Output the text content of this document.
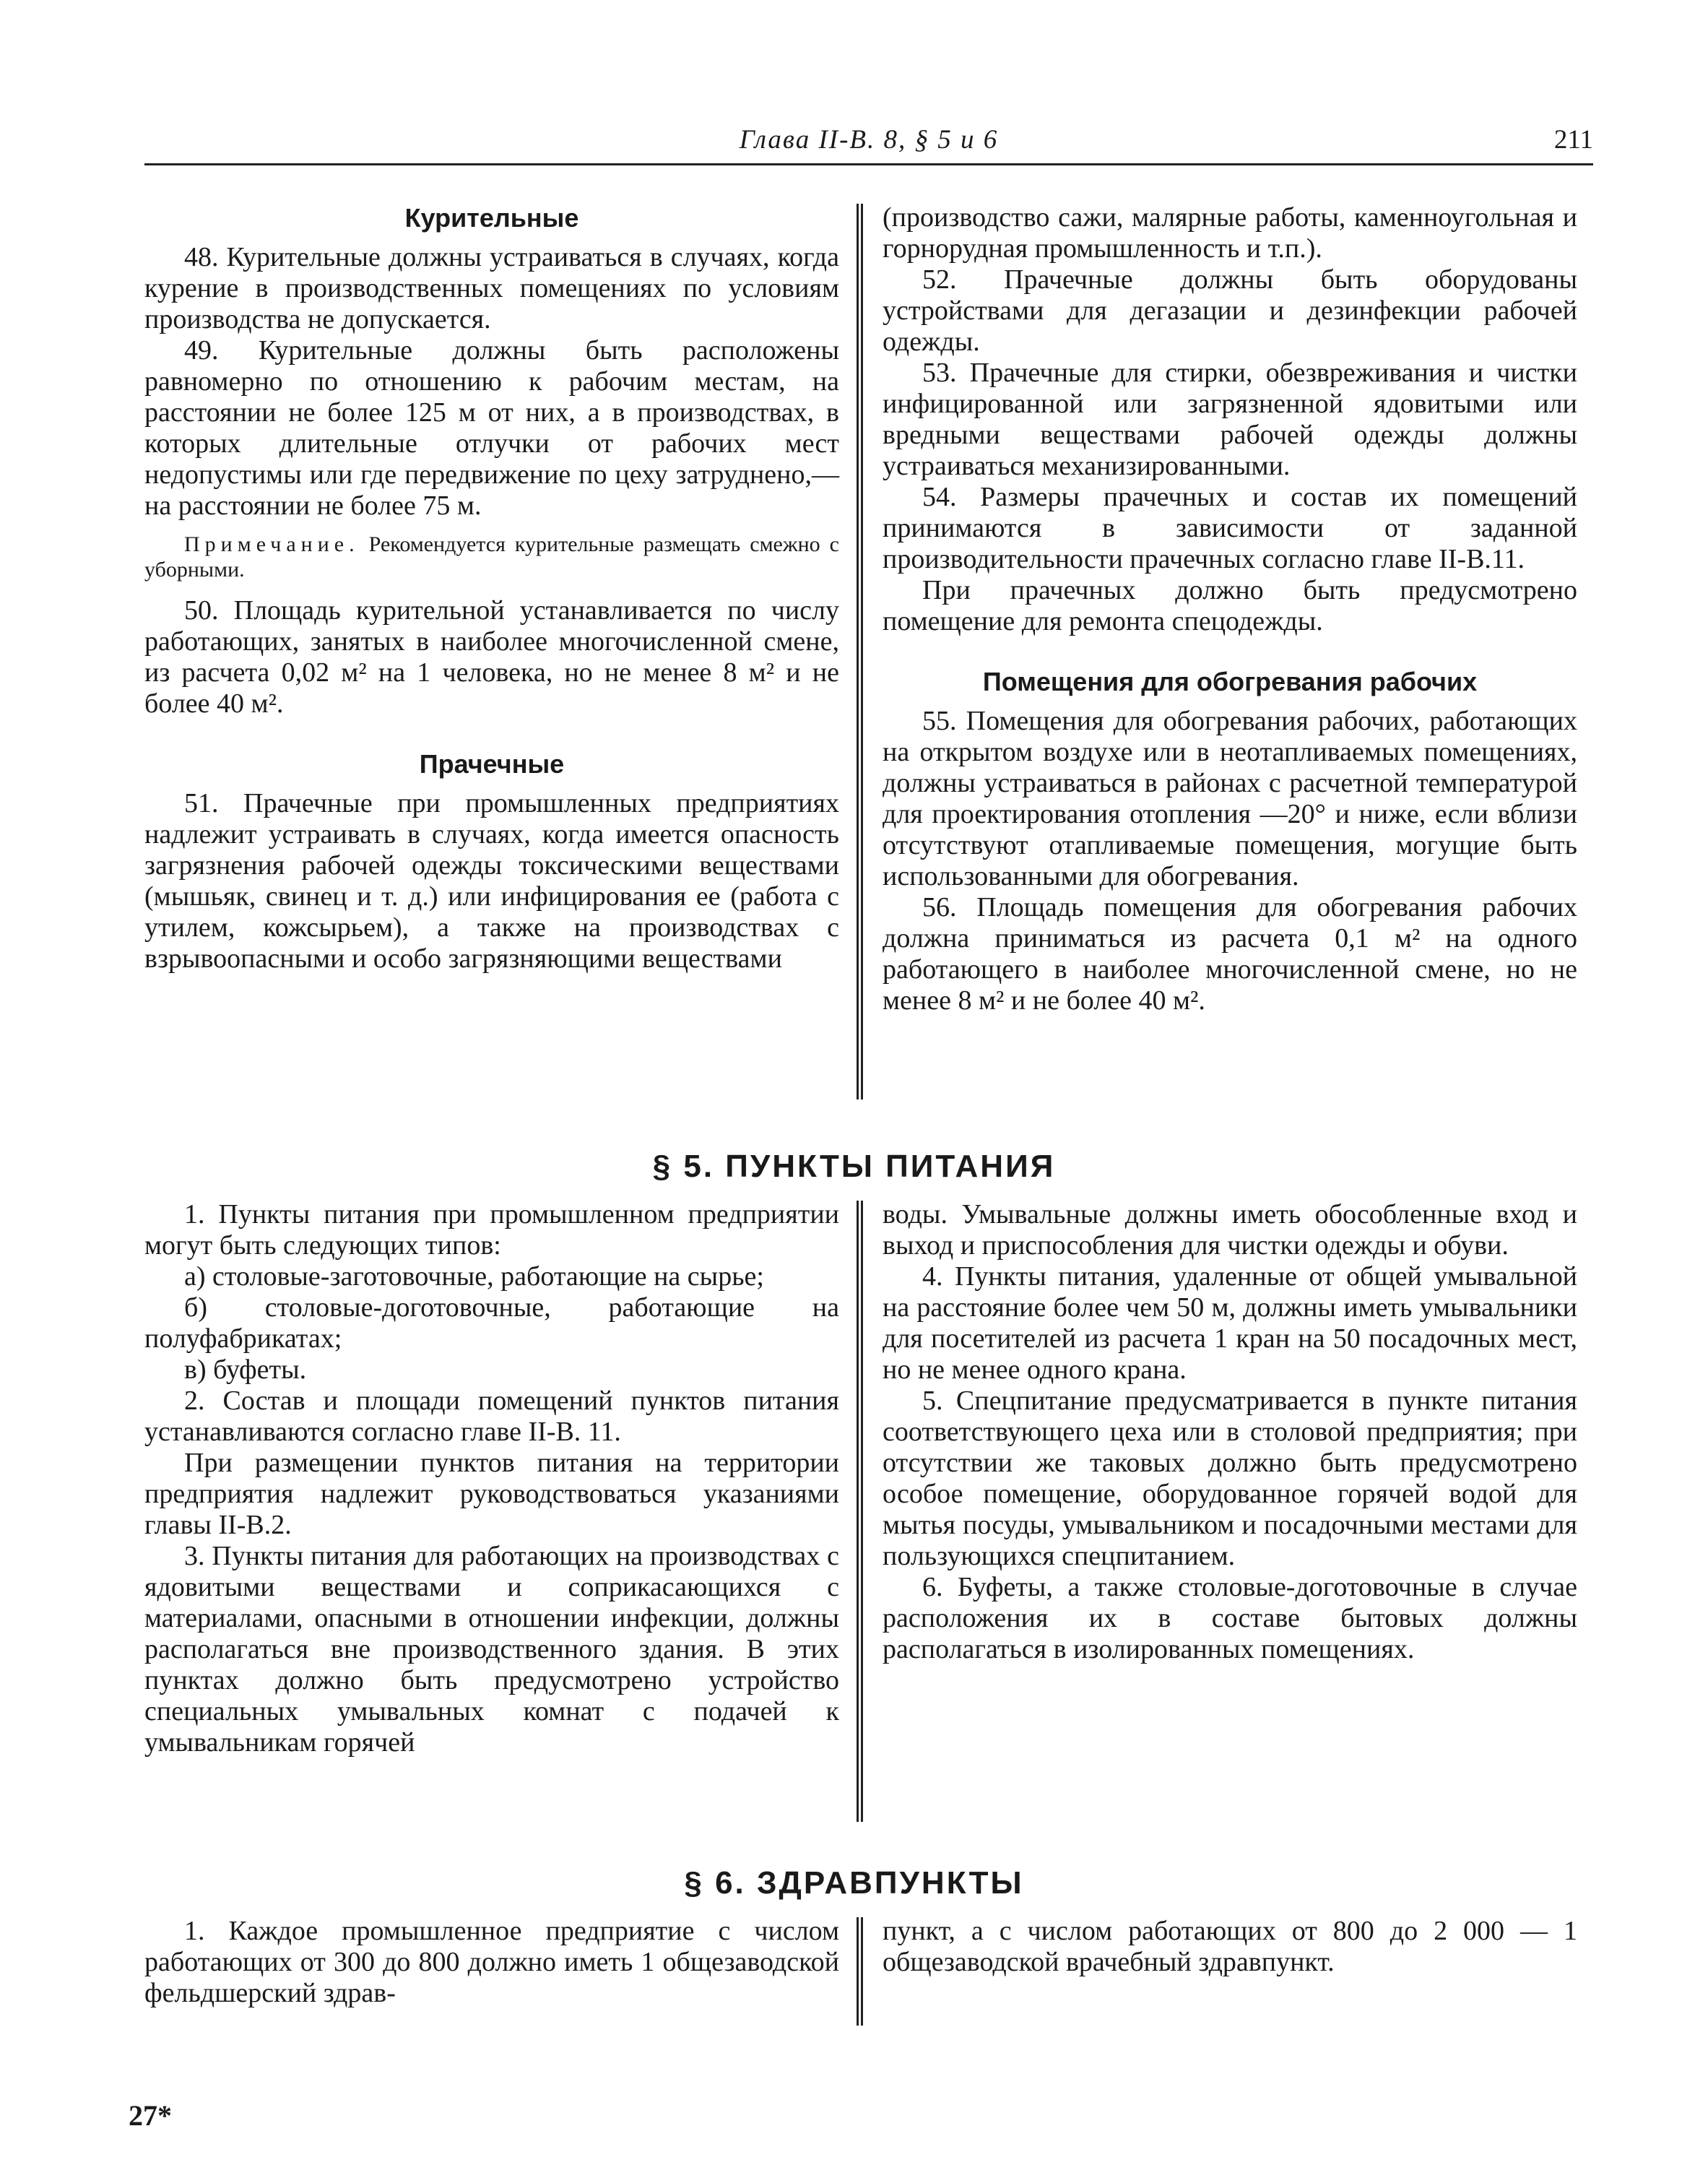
Глава II-В. 8, § 5 и 6	211
Курительные

48. Курительные должны устраиваться в случаях, когда курение в производственных помещениях по условиям производства не допускается.

49. Курительные должны быть расположены равномерно по отношению к рабочим местам, на расстоянии не более 125 м от них, а в производствах, в которых длительные отлучки от рабочих мест недопустимы или где передвижение по цеху затруднено,— на расстоянии не более 75 м.

Примечание. Рекомендуется курительные размещать смежно с уборными.

50. Площадь курительной устанавливается по числу работающих, занятых в наиболее многочисленной смене, из расчета 0,02 м² на 1 человека, но не менее 8 м² и не более 40 м².

Прачечные

51. Прачечные при промышленных предприятиях надлежит устраивать в случаях, когда имеется опасность загрязнения рабочей одежды токсическими веществами (мышьяк, свинец и т. д.) или инфицирования ее (работа с утилем, кожсырьем), а также на производствах с взрывоопасными и особо загрязняющими веществами

(производство сажи, малярные работы, каменноугольная и горнорудная промышленность и т.п.).

52. Прачечные должны быть оборудованы устройствами для дегазации и дезинфекции рабочей одежды.

53. Прачечные для стирки, обезвреживания и чистки инфицированной или загрязненной ядовитыми или вредными веществами рабочей одежды должны устраиваться механизированными.

54. Размеры прачечных и состав их помещений принимаются в зависимости от заданной производительности прачечных согласно главе II-В.11.

При прачечных должно быть предусмотрено помещение для ремонта спецодежды.

Помещения для обогревания рабочих

55. Помещения для обогревания рабочих, работающих на открытом воздухе или в неотапливаемых помещениях, должны устраиваться в районах с расчетной температурой для проектирования отопления —20° и ниже, если вблизи отсутствуют отапливаемые помещения, могущие быть использованными для обогревания.

56. Площадь помещения для обогревания рабочих должна приниматься из расчета 0,1 м² на одного работающего в наиболее многочисленной смене, но не менее 8 м² и не более 40 м².

§ 5. ПУНКТЫ ПИТАНИЯ

1. Пункты питания при промышленном предприятии могут быть следующих типов:

а) столовые-заготовочные, работающие на сырье;

б) столовые-доготовочные, работающие на полуфабрикатах;

в) буфеты.

2. Состав и площади помещений пунктов питания устанавливаются согласно главе II-В. 11.

При размещении пунктов питания на территории предприятия надлежит руководствоваться указаниями главы II-В.2.

3. Пункты питания для работающих на производствах с ядовитыми веществами и соприкасающихся с материалами, опасными в отношении инфекции, должны располагаться вне производственного здания. В этих пунктах должно быть предусмотрено устройство специальных умывальных комнат с подачей к умывальникам горячей

воды. Умывальные должны иметь обособленные вход и выход и приспособления для чистки одежды и обуви.

4. Пункты питания, удаленные от общей умывальной на расстояние более чем 50 м, должны иметь умывальники для посетителей из расчета 1 кран на 50 посадочных мест, но не менее одного крана.

5. Спецпитание предусматривается в пункте питания соответствующего цеха или в столовой предприятия; при отсутствии же таковых должно быть предусмотрено особое помещение, оборудованное горячей водой для мытья посуды, умывальником и посадочными местами для пользующихся спецпитанием.

6. Буфеты, а также столовые-доготовочные в случае расположения их в составе бытовых должны располагаться в изолированных помещениях.

§ 6. ЗДРАВПУНКТЫ

1. Каждое промышленное предприятие с числом работающих от 300 до 800 должно иметь 1 общезаводской фельдшерский здрав-

пункт, а с числом работающих от 800 до 2 000 — 1 общезаводской врачебный здравпункт.

27*
